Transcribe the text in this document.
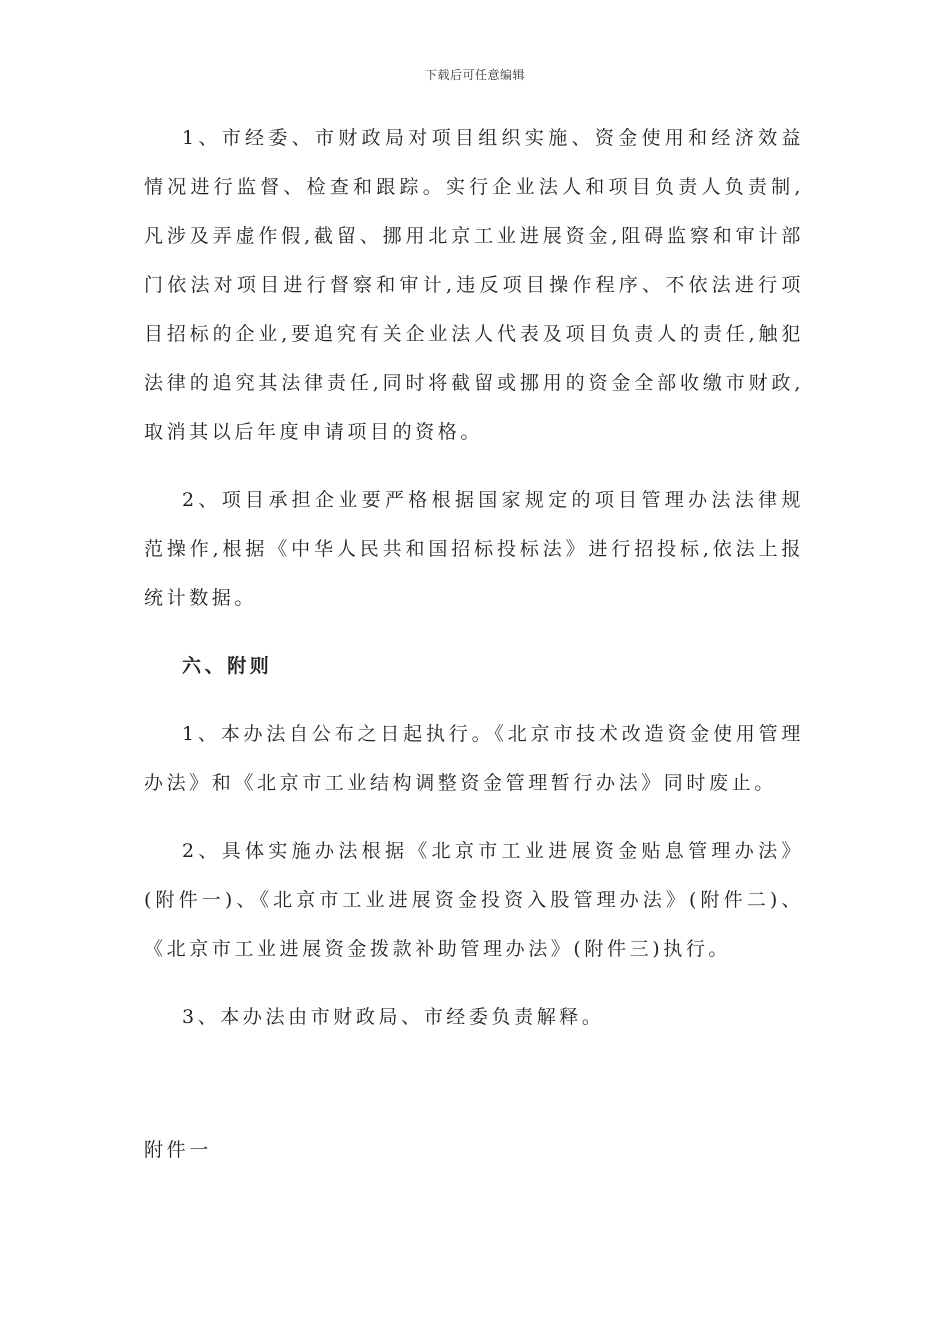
下载后可任意编辑

1、市经委、市财政局对项目组织实施、资金使用和经济效益情况进行监督、检查和跟踪。实行企业法人和项目负责人负责制,凡涉及弄虚作假,截留、挪用北京工业进展资金,阻碍监察和审计部门依法对项目进行督察和审计,违反项目操作程序、不依法进行项目招标的企业,要追究有关企业法人代表及项目负责人的责任,触犯法律的追究其法律责任,同时将截留或挪用的资金全部收缴市财政,取消其以后年度申请项目的资格。

2、项目承担企业要严格根据国家规定的项目管理办法法律规范操作,根据《中华人民共和国招标投标法》进行招投标,依法上报统计数据。

六、附则

1、本办法自公布之日起执行。《北京市技术改造资金使用管理办法》和《北京市工业结构调整资金管理暂行办法》同时废止。

2、具体实施办法根据《北京市工业进展资金贴息管理办法》(附件一)、《北京市工业进展资金投资入股管理办法》(附件二)、《北京市工业进展资金拨款补助管理办法》(附件三)执行。

3、本办法由市财政局、市经委负责解释。

附件一
